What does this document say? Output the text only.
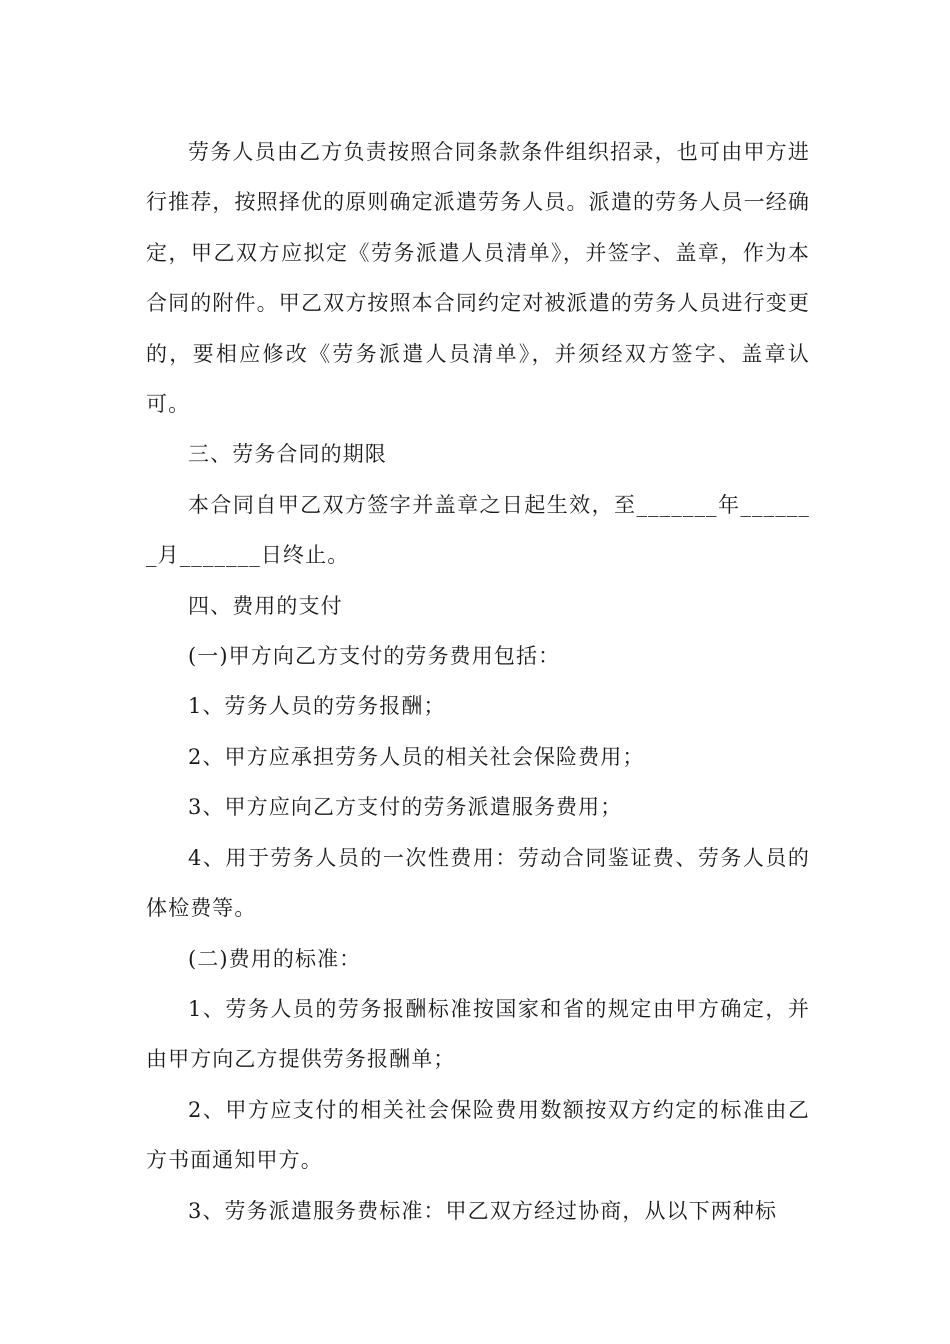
劳务人员由乙方负责按照合同条款条件组织招录，也可由甲方进行推荐，按照择优的原则确定派遣劳务人员。派遣的劳务人员一经确定，甲乙双方应拟定《劳务派遣人员清单》，并签字、盖章，作为本合同的附件。甲乙双方按照本合同约定对被派遣的劳务人员进行变更的，要相应修改《劳务派遣人员清单》，并须经双方签字、盖章认可。

三、劳务合同的期限

本合同自甲乙双方签字并盖章之日起生效，至_______年_______月_______日终止。

四、费用的支付

(一)甲方向乙方支付的劳务费用包括：

1、劳务人员的劳务报酬；

2、甲方应承担劳务人员的相关社会保险费用；

3、甲方应向乙方支付的劳务派遣服务费用；

4、用于劳务人员的一次性费用：劳动合同鉴证费、劳务人员的体检费等。

(二)费用的标准：

1、劳务人员的劳务报酬标准按国家和省的规定由甲方确定，并由甲方向乙方提供劳务报酬单；

2、甲方应支付的相关社会保险费用数额按双方约定的标准由乙方书面通知甲方。

3、劳务派遣服务费标准：甲乙双方经过协商，从以下两种标
